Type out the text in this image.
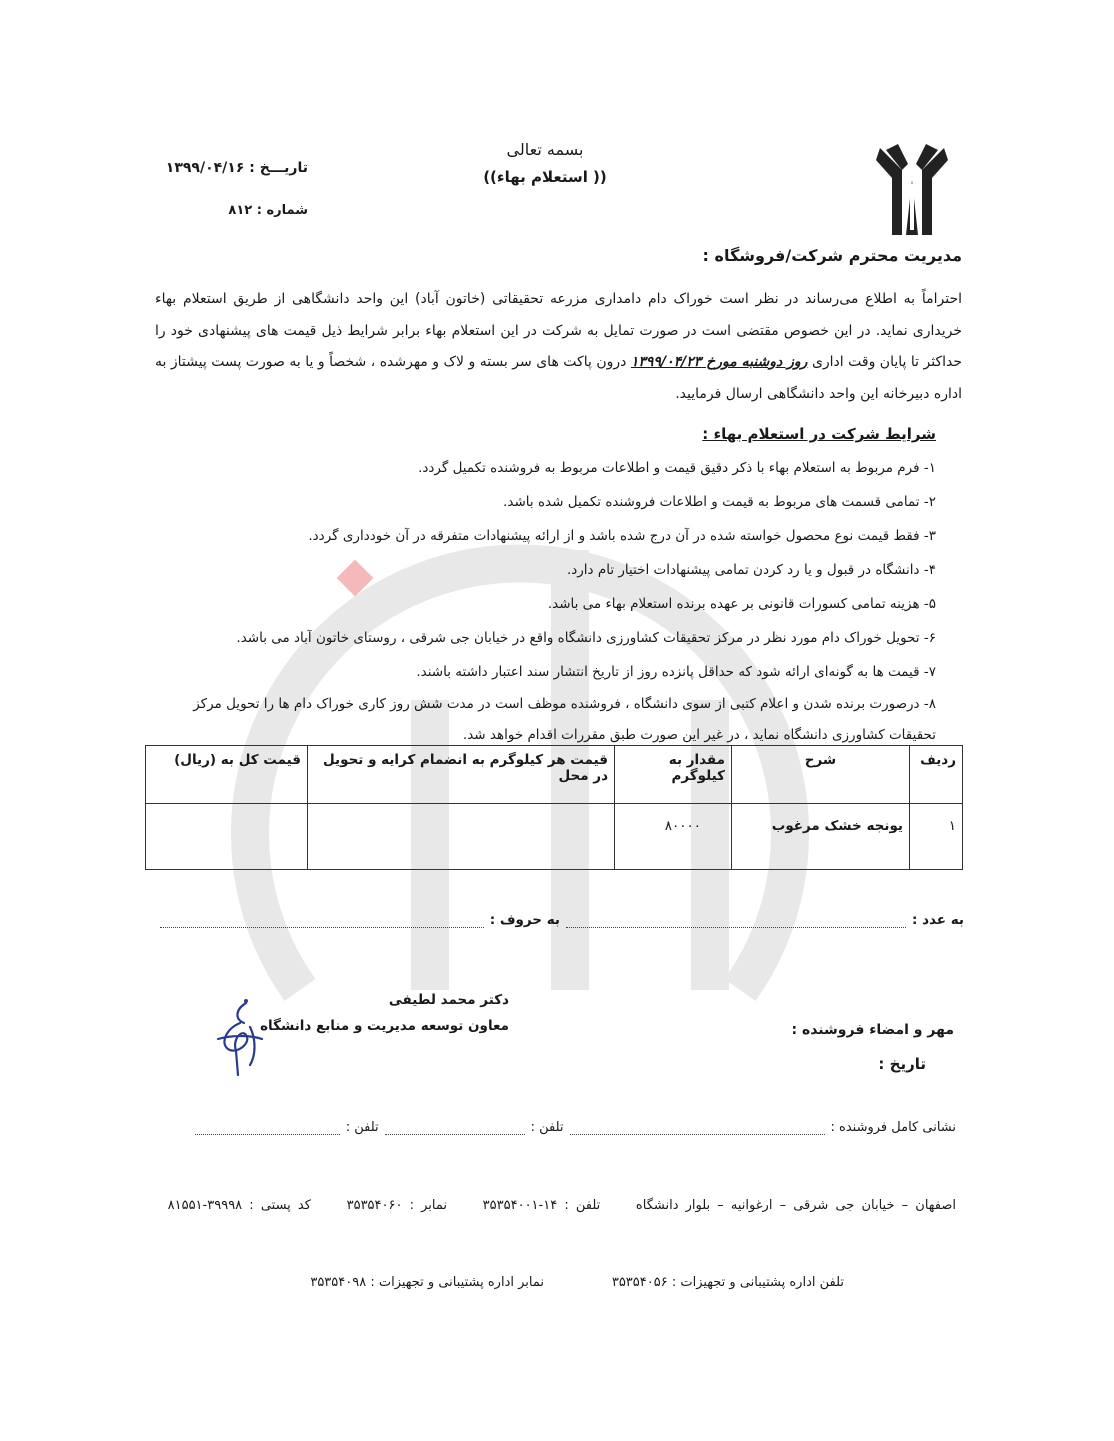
بسمه تعالی
(( استعلام بهاء))
تاریـــخ : ۱۳۹۹/۰۴/۱۶
شماره : ۸۱۲
مدیریت محترم شرکت/فروشگاه :
احتراماً به اطلاع می‌رساند در نظر است خوراک دام دامداری مزرعه تحقیقاتی (خاتون آباد) این واحد دانشگاهی از طریق استعلام بهاء خریداری نماید. در این خصوص مقتضی است در صورت تمایل به شرکت در این استعلام بهاء برابر شرایط ذیل قیمت های پیشنهادی خود را حداکثر تا پایان وقت اداری روز دوشنبه مورخ ۱۳۹۹/۰۴/۲۳ درون پاکت های سر بسته و لاک و مهرشده ، شخصاً و یا به صورت پست پیشتاز به اداره دبیرخانه این واحد دانشگاهی ارسال فرمایید.
شرایط شرکت در استعلام بهاء :
۱- فرم مربوط به استعلام بهاء با ذکر دقیق قیمت و اطلاعات مربوط به فروشنده تکمیل گردد.
۲- تمامی قسمت های مربوط به قیمت و اطلاعات فروشنده تکمیل شده باشد.
۳- فقط قیمت نوع محصول خواسته شده در آن درج شده باشد و از ارائه پیشنهادات متفرقه در آن خودداری گردد.
۴- دانشگاه در قبول و یا رد کردن تمامی پیشنهادات اختیار تام دارد.
۵- هزینه تمامی کسورات قانونی بر عهده برنده استعلام بهاء می باشد.
۶- تحویل خوراک دام مورد نظر در مرکز تحقیقات کشاورزی دانشگاه واقع در خیابان جی شرقی ، روستای خاتون آباد می باشد.
۷- قیمت ها به گونه‌ای ارائه شود که حداقل پانزده روز از تاریخ انتشار سند اعتبار داشته باشند.
۸- درصورت برنده شدن و اعلام کتبی از سوی دانشگاه ، فروشنده موظف است در مدت شش روز کاری خوراک دام ها را تحویل مرکز تحقیقات کشاورزی دانشگاه نماید ، در غیر این صورت طبق مقررات اقدام خواهد شد.
ردیف	شرح	مقدار به کیلوگرم	قیمت هر کیلوگرم به انضمام کرایه و تحویل در محل	قیمت کل به (ریال)
۱	یونجه خشک مرغوب	۸۰۰۰۰		
به عدد :
به حروف :
دکتر محمد لطیفی
معاون توسعه مدیریت و منابع دانشگاه	مهر و امضاء فروشنده :
تاریخ :
نشانی کامل فروشنده :
تلفن :
تلفن :
اصفهان – خیابان جی شرقی – ارغوانیه – بلوار دانشگاه     تلفن : ۱۴-۳۵۳۵۴۰۰۱     نمابر : ۳۵۳۵۴۰۶۰     کد پستی : ۳۹۹۹۸-۸۱۵۵۱
تلفن اداره پشتیبانی و تجهیزات : ۳۵۳۵۴۰۵۶
نمابر اداره پشتیبانی و تجهیزات : ۳۵۳۵۴۰۹۸
